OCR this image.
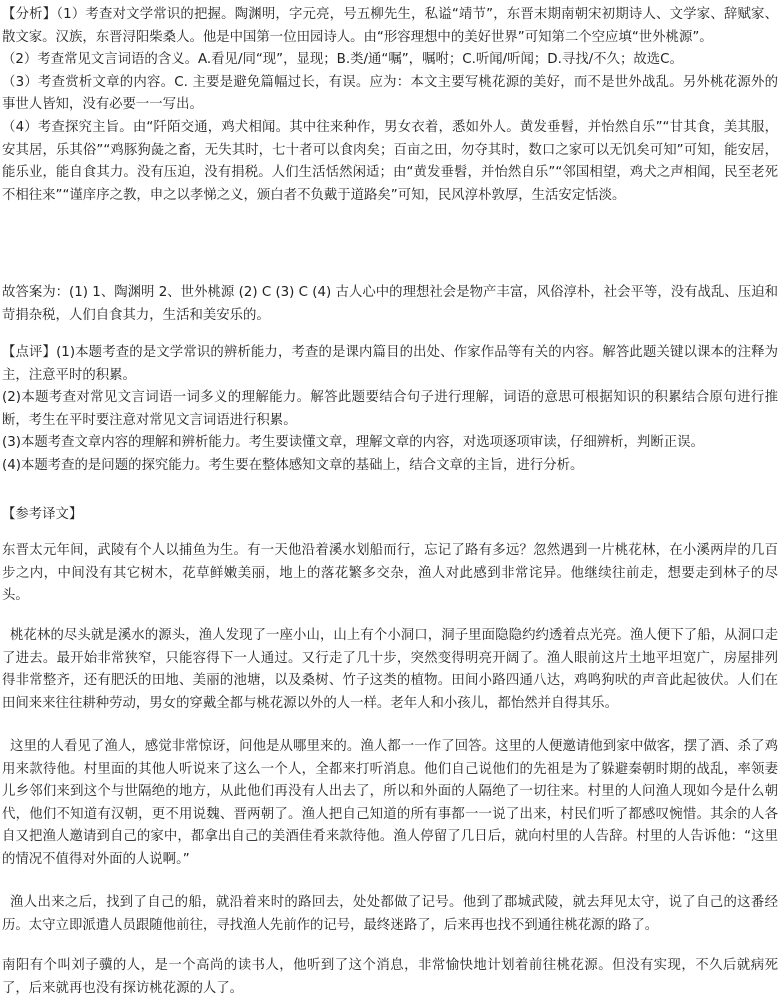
【分析】（1）考查对文学常识的把握。陶渊明，字元亮，号五柳先生，私谥“靖节”，东晋末期南朝宋初期诗人、文学家、辞赋家、散文家。汉族，东晋浔阳柴桑人。他是中国第一位田园诗人。由“形容理想中的美好世界”可知第二个空应填“世外桃源”。

（2）考查常见文言词语的含义。A.看见/同“现”，显现；B.类/通“嘱”，嘱咐；C.听闻/听闻；D.寻找/不久；故选C。

（3）考查赏析文章的内容。C. 主要是避免篇幅过长，有误。应为：本文主要写桃花源的美好，而不是世外战乱。另外桃花源外的事世人皆知，没有必要一一写出。

（4）考查探究主旨。由“阡陌交通，鸡犬相闻。其中往来种作，男女衣着，悉如外人。黄发垂髫，并怡然自乐”“甘其食，美其服，安其居，乐其俗”“鸡豚狗彘之畜，无失其时，七十者可以食肉矣；百亩之田，勿夺其时，数口之家可以无饥矣可知”可知，能安居，能乐业，能自食其力。没有压迫，没有捐税。人们生活恬然闲适；由“黄发垂髫，并怡然自乐”“邻国相望，鸡犬之声相闻，民至老死不相往来”“谨庠序之教，申之以孝悌之义，颁白者不负戴于道路矣”可知，民风淳朴敦厚，生活安定恬淡。

故答案为：(1) 1、陶渊明 2、世外桃源 (2) C (3) C (4) 古人心中的理想社会是物产丰富，风俗淳朴，社会平等，没有战乱、压迫和苛捐杂税，人们自食其力，生活和美安乐的。

【点评】(1)本题考查的是文学常识的辨析能力，考查的是课内篇目的出处、作家作品等有关的内容。解答此题关键以课本的注释为主，注意平时的积累。

(2)本题考查对常见文言词语一词多义的理解能力。解答此题要结合句子进行理解，词语的意思可根据知识的积累结合原句进行推断，考生在平时要注意对常见文言词语进行积累。

(3)本题考查文章内容的理解和辨析能力。考生要读懂文章，理解文章的内容，对选项逐项审读，仔细辨析，判断正误。

(4)本题考查的是问题的探究能力。考生要在整体感知文章的基础上，结合文章的主旨，进行分析。

【参考译文】

东晋太元年间，武陵有个人以捕鱼为生。有一天他沿着溪水划船而行，忘记了路有多远？忽然遇到一片桃花林，在小溪两岸的几百步之内，中间没有其它树木，花草鲜嫩美丽，地上的落花繁多交杂，渔人对此感到非常诧异。他继续往前走，想要走到林子的尽头。

桃花林的尽头就是溪水的源头，渔人发现了一座小山，山上有个小洞口，洞子里面隐隐约约透着点光亮。渔人便下了船，从洞口走了进去。最开始非常狭窄，只能容得下一人通过。又行走了几十步，突然变得明亮开阔了。渔人眼前这片土地平坦宽广，房屋排列得非常整齐，还有肥沃的田地、美丽的池塘，以及桑树、竹子这类的植物。田间小路四通八达，鸡鸣狗吠的声音此起彼伏。人们在田间来来往往耕种劳动，男女的穿戴全都与桃花源以外的人一样。老年人和小孩儿，都怡然并自得其乐。

这里的人看见了渔人，感觉非常惊讶，问他是从哪里来的。渔人都一一作了回答。这里的人便邀请他到家中做客，摆了酒、杀了鸡用来款待他。村里面的其他人听说来了这么一个人，全都来打听消息。他们自己说他们的先祖是为了躲避秦朝时期的战乱，率领妻儿乡邻们来到这个与世隔绝的地方，从此他们再没有人出去了，所以和外面的人隔绝了一切往来。村里的人问渔人现如今是什么朝代，他们不知道有汉朝，更不用说魏、晋两朝了。渔人把自己知道的所有事都一一说了出来，村民们听了都感叹惋惜。其余的人各自又把渔人邀请到自己的家中，都拿出自己的美酒佳肴来款待他。渔人停留了几日后，就向村里的人告辞。村里的人告诉他：“这里的情况不值得对外面的人说啊。”

渔人出来之后，找到了自己的船，就沿着来时的路回去，处处都做了记号。他到了郡城武陵，就去拜见太守，说了自己的这番经历。太守立即派遣人员跟随他前往，寻找渔人先前作的记号，最终迷路了，后来再也找不到通往桃花源的路了。

南阳有个叫刘子骥的人，是一个高尚的读书人，他听到了这个消息，非常愉快地计划着前往桃花源。但没有实现，不久后就病死了，后来就再也没有探访桃花源的人了。
